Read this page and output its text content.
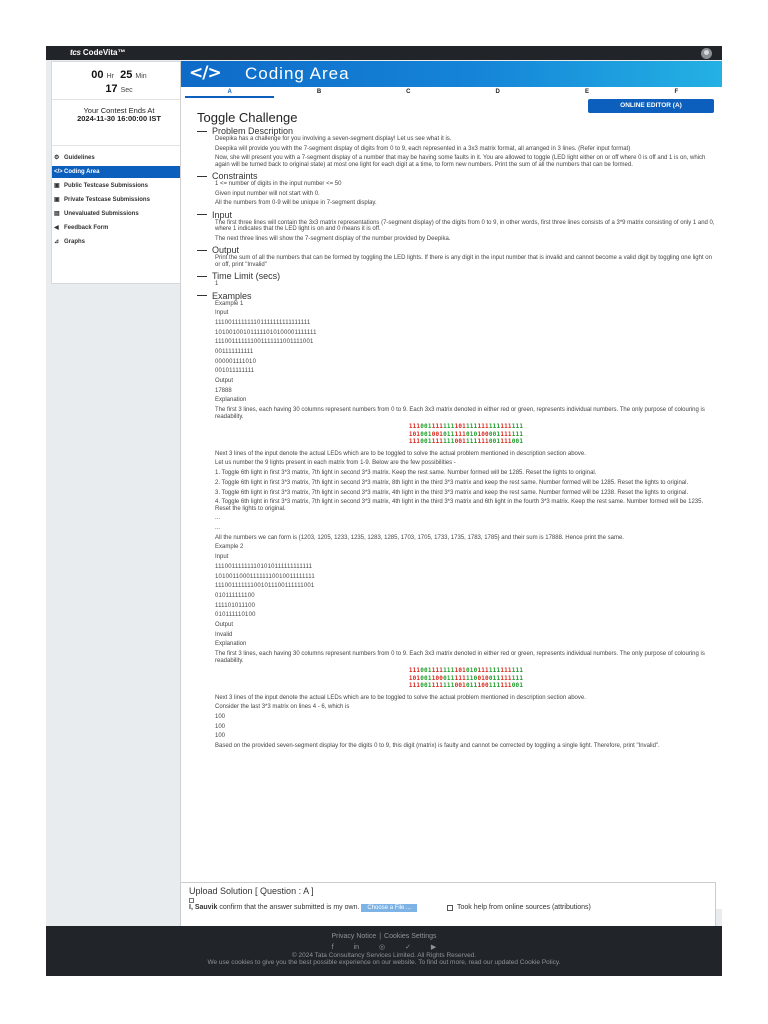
tcs CodeVita™
00 Hr 25 Min
17 Sec
Your Contest Ends At
2024-11-30 16:00:00 IST
⚙ Guidelines
</> Coding Area
▣ Public Testcase Submissions
▣ Private Testcase Submissions
▤ Unevaluated Submissions
◀ Feedback Form
⊿ Graphs
</> Coding Area
A	B	C	D	E	F
ONLINE EDITOR (A)
Toggle Challenge
Problem Description
Deepika has a challenge for you involving a seven-segment display! Let us see what it is.
Deepika will provide you with the 7-segment display of digits from 0 to 9, each represented in a 3x3 matrix format, all arranged in 3 lines. (Refer input format)
Now, she will present you with a 7-segment display of a number that may be having some faults in it. You are allowed to toggle (LED light either on or off where 0 is off and 1 is on, which again will be turned back to original state) at most one light for each digit at a time, to form new numbers. Print the sum of all the numbers that can be formed.
Constraints
1 <= number of digits in the input number <= 50
Given input number will not start with 0.
All the numbers from 0-9 will be unique in 7-segment display.
Input
The first three lines will contain the 3x3 matrix representations (7-segment display) of the digits from 0 to 9, in other words, first three lines consists of a 3*9 matrix consisting of only 1 and 0, where 1 indicates that the LED light is on and 0 means it is off.
The next three lines will show the 7-segment display of the number provided by Deepika.
Output
Print the sum of all the numbers that can be formed by toggling the LED lights. If there is any digit in the input number that is invalid and cannot become a valid digit by toggling one light on or off, print "Invalid"
Time Limit (secs)
1
Examples
Example 1
Input
111001111111101111111111111111
101001001011111010100001111111
111001111111001111111001111001
001111111111
000001111010
001011111111
Output
17888
Explanation
The first 3 lines, each having 30 columns represent numbers from 0 to 9. Each 3x3 matrix denoted in either red or green, represents individual numbers. The only purpose of colouring is readability.
111001111111101111111111111111
101001001011111010100001111111
111001111111001111111001111001
Next 3 lines of the input denote the actual LEDs which are to be toggled to solve the actual problem mentioned in description section above.
Let us number the 9 lights present in each matrix from 1-9. Below are the few possibilities -
1. Toggle 6th light in first 3*3 matrix, 7th light in second 3*3 matrix. Keep the rest same. Number formed will be 1285. Reset the lights to original.
2. Toggle 6th light in first 3*3 matrix, 7th light in second 3*3 matrix, 8th light in the third 3*3 matrix and keep the rest same. Number formed will be 1285. Reset the lights to original.
3. Toggle 6th light in first 3*3 matrix, 7th light in second 3*3 matrix, 4th light in the third 3*3 matrix and keep the rest same. Number formed will be 1238. Reset the lights to original.
4. Toggle 6th light in first 3*3 matrix, 7th light in second 3*3 matrix, 4th light in the third 3*3 matrix and 6th light in the fourth 3*3 matrix. Keep the rest same. Number formed will be 1235. Reset the lights to original.
...
...
All the numbers we can form is {1203, 1205, 1233, 1235, 1283, 1285, 1703, 1705, 1733, 1735, 1783, 1785} and their sum is 17888. Hence print the same.
Example 2
Input
111001111111101010111111111111
101001100011111110010011111111
111001111111001011100111111001
010111111100
111101011100
010111110100
Output
Invalid
Explanation
The first 3 lines, each having 30 columns represent numbers from 0 to 9. Each 3x3 matrix denoted in either red or green, represents individual numbers. The only purpose of colouring is readability.
111001111111101010111111111111
101001100011111110010011111111
111001111111001011100111111001
Next 3 lines of the input denote the actual LEDs which are to be toggled to solve the actual problem mentioned in description section above.
Consider the last 3*3 matrix on lines 4 - 6, which is
100
100
100
Based on the provided seven-segment display for the digits 0 to 9, this digit (matrix) is faulty and cannot be corrected by toggling a single light. Therefore, print "Invalid".
Upload Solution [ Question : A ]
I, Sauvik confirm that the answer submitted is my own. Choose a File ...	Took help from online sources (attributions)
Privacy Notice | Cookies Settings
f	in	◎	✓	▶
© 2024 Tata Consultancy Services Limited. All Rights Reserved.
We use cookies to give you the best possible experience on our website. To find out more, read our updated Cookie Policy.
